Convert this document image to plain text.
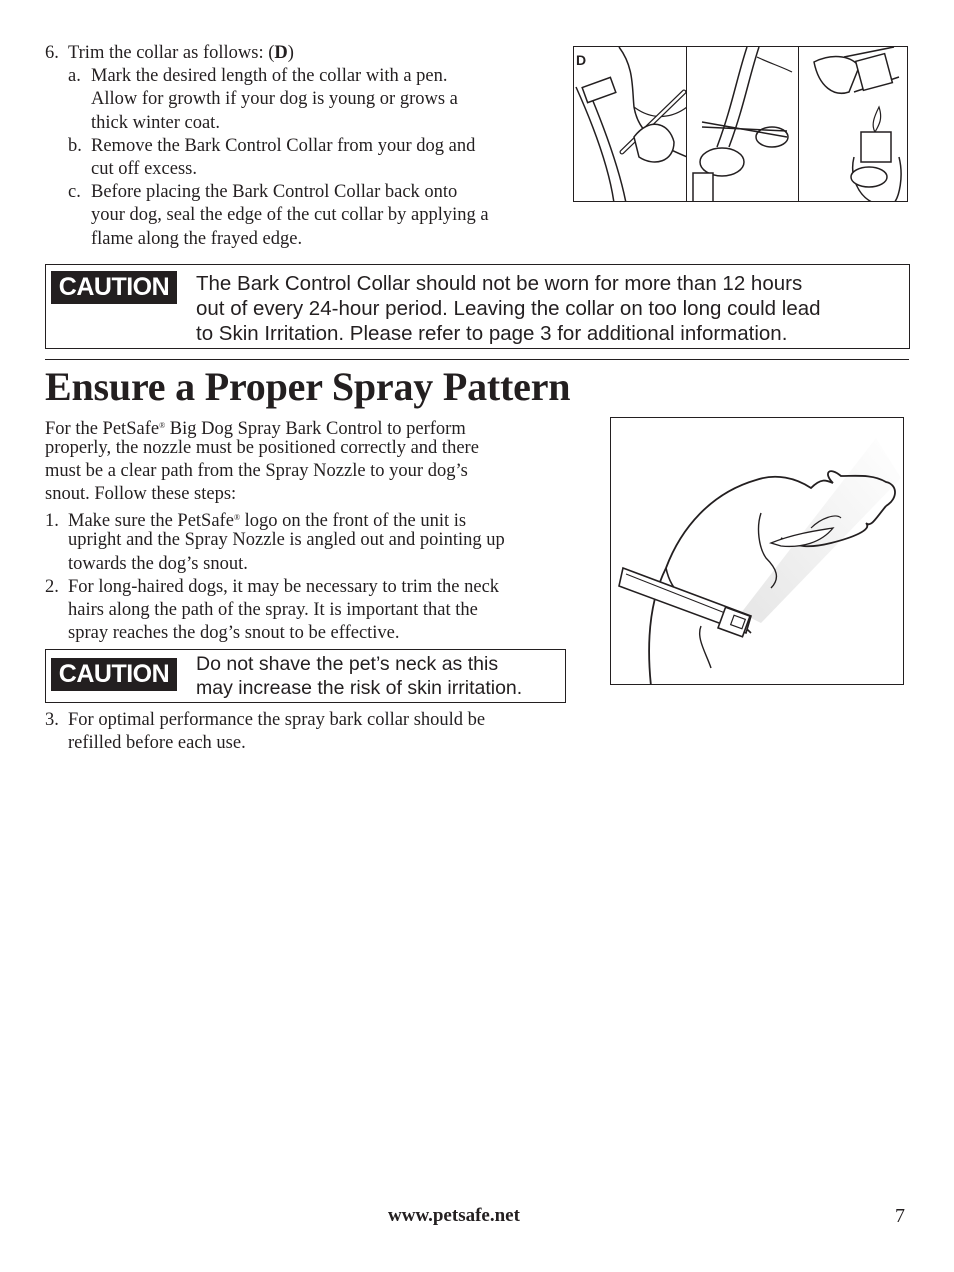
6. Trim the collar as follows: (D)
a. Mark the desired length of the collar with a pen.
Allow for growth if your dog is young or grows a
thick winter coat.
b. Remove the Bark Control Collar from your dog and
cut off excess.
c. Before placing the Bark Control Collar back onto
your dog, seal the edge of the cut collar by applying a
flame along the frayed edge.
D
CAUTION	The Bark Control Collar should not be worn for more than 12 hours
out of every 24-hour period. Leaving the collar on too long could lead
to Skin Irritation. Please refer to page 3 for additional information.
Ensure a Proper Spray Pattern
For the PetSafe® Big Dog Spray Bark Control to perform
properly, the nozzle must be positioned correctly and there
must be a clear path from the Spray Nozzle to your dog’s
snout. Follow these steps:
1. Make sure the PetSafe® logo on the front of the unit is
upright and the Spray Nozzle is angled out and pointing up
towards the dog’s snout.
2. For long-haired dogs, it may be necessary to trim the neck
hairs along the path of the spray. It is important that the
spray reaches the dog’s snout to be effective.
CAUTION	Do not shave the pet’s neck as this
may increase the risk of skin irritation.
3. For optimal performance the spray bark collar should be
refilled before each use.
www.petsafe.net	7
